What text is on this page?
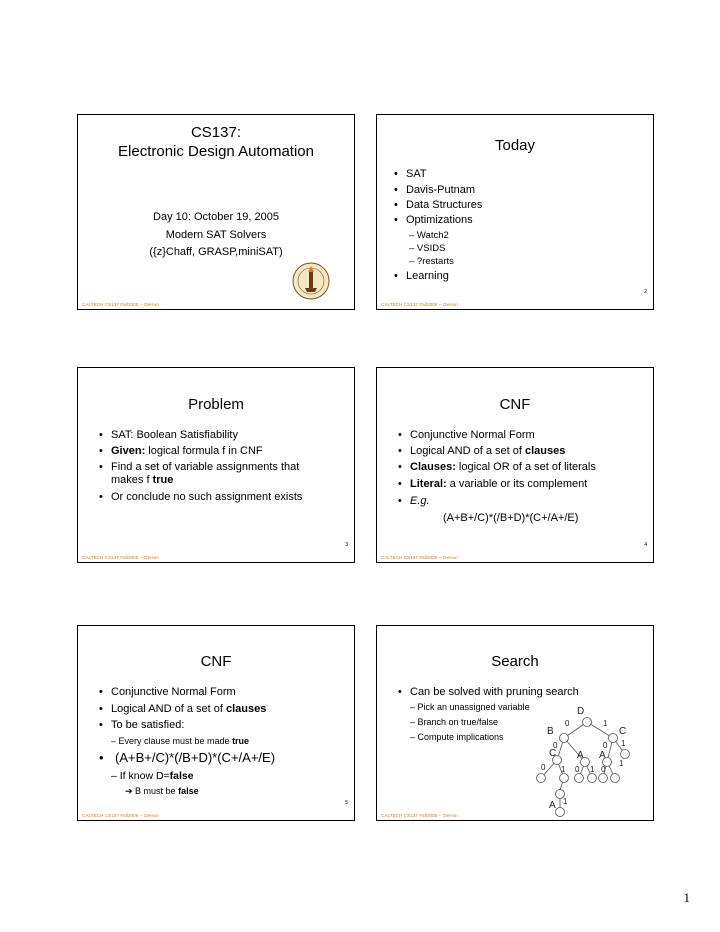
CS137:
Electronic Design Automation
Day 10: October 19, 2005
Modern SAT Solvers
({z}Chaff, GRASP,miniSAT)
CALTECH CS137 Fall2005 -- DeHon
Today
• SAT
• Davis-Putnam
• Data Structures
• Optimizations
– Watch2
– VSIDS
– ?restarts
• Learning
2
CALTECH CS137 Fall2005 -- DeHon
Problem
• SAT: Boolean Satisfiability
• Given: logical formula f in CNF
• Find a set of variable assignments that
makes f true
• Or conclude no such assignment exists
3
CALTECH CS137 Fall2005 -- DeHon
CNF
• Conjunctive Normal Form
• Logical AND of a set of clauses
• Clauses: logical OR of a set of literals
• Literal: a variable or its complement
• E.g.
(A+B+/C)*(/B+D)*(C+/A+/E)
4
CALTECH CS137 Fall2005 -- DeHon
CNF
• Conjunctive Normal Form
• Logical AND of a set of clauses
• To be satisfied:
– Every clause must be made true
• (A+B+/C)*(/B+D)*(C+/A+/E)
– If know D=false
➔ B must be false
5
CALTECH CS137 Fall2005 -- DeHon
Search
• Can be solved with pruning search
– Pick an unassigned variable
– Branch on true/false
– Compute implications
D
B	C
C A A
A
0	1
0	0 1
0 1 0 1
1
0
1
CALTECH CS137 Fall2005 -- DeHon
1
